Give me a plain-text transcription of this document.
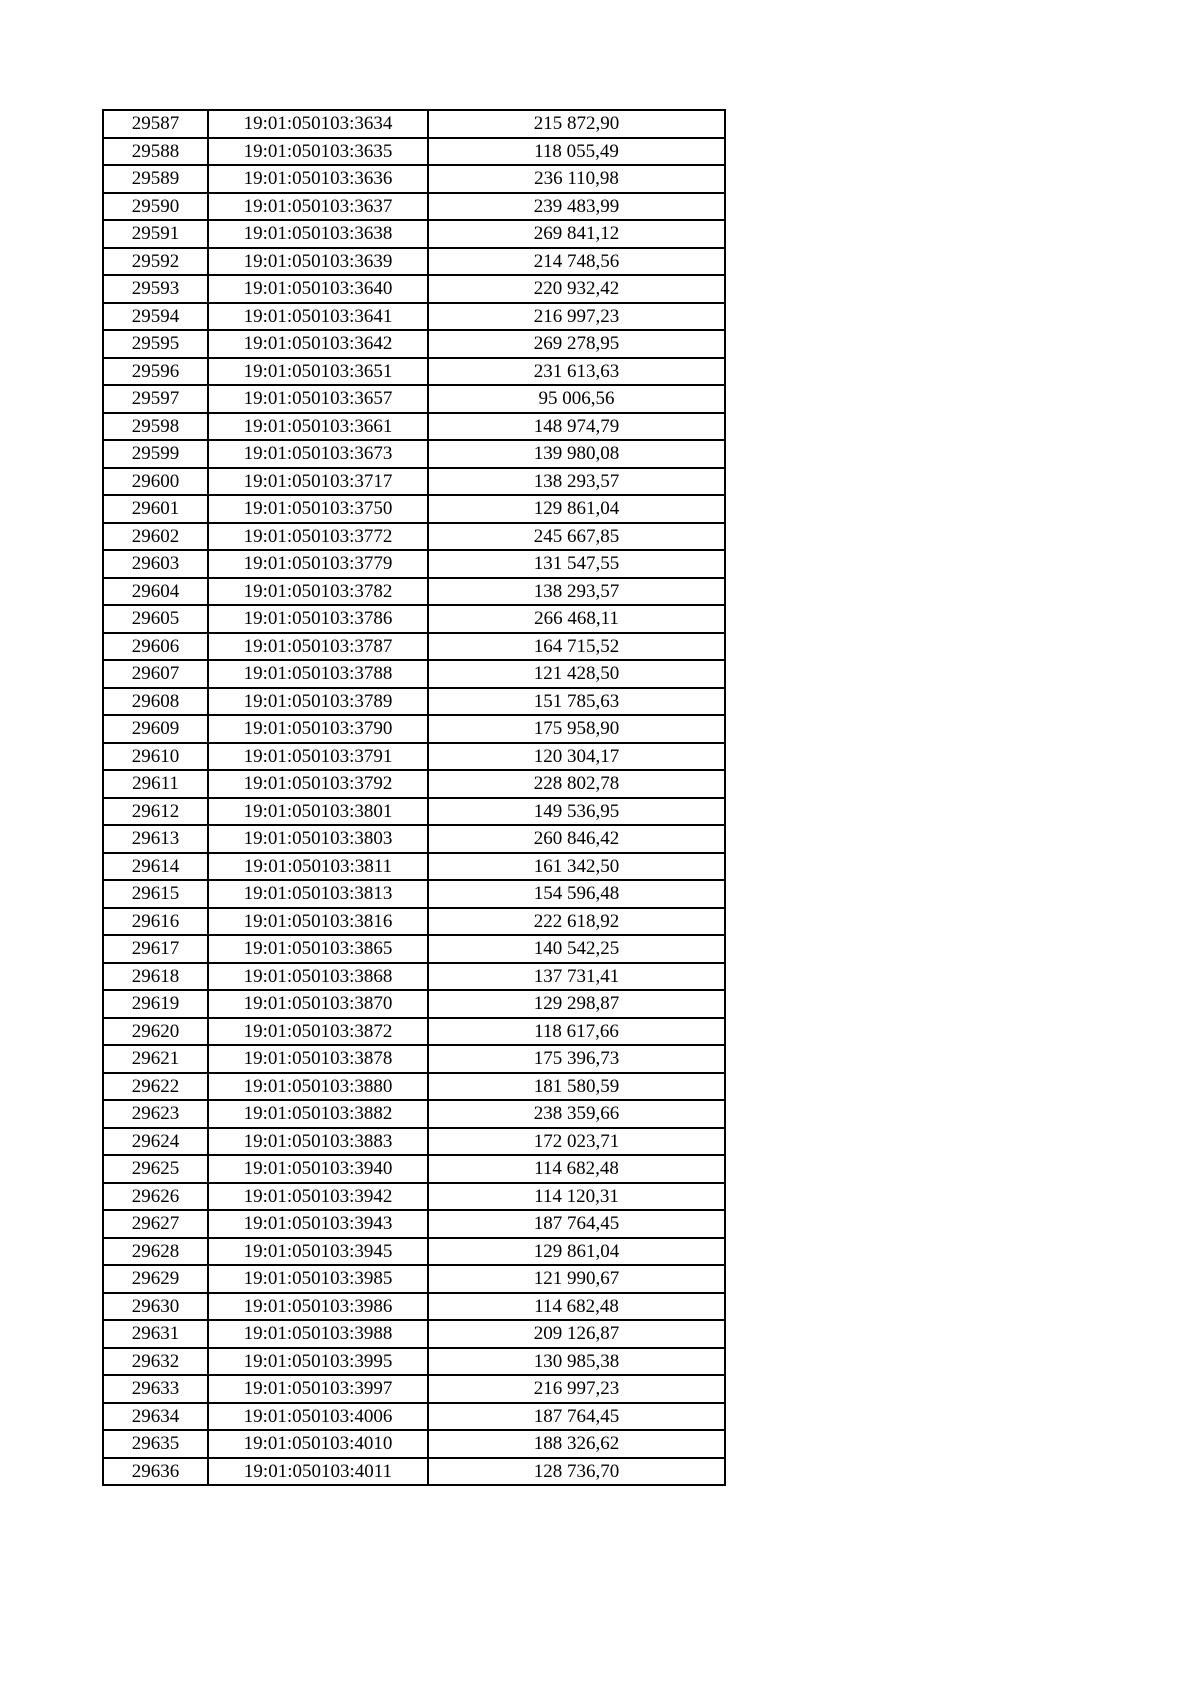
29587	19:01:050103:3634	215 872,90
29588	19:01:050103:3635	118 055,49
29589	19:01:050103:3636	236 110,98
29590	19:01:050103:3637	239 483,99
29591	19:01:050103:3638	269 841,12
29592	19:01:050103:3639	214 748,56
29593	19:01:050103:3640	220 932,42
29594	19:01:050103:3641	216 997,23
29595	19:01:050103:3642	269 278,95
29596	19:01:050103:3651	231 613,63
29597	19:01:050103:3657	95 006,56
29598	19:01:050103:3661	148 974,79
29599	19:01:050103:3673	139 980,08
29600	19:01:050103:3717	138 293,57
29601	19:01:050103:3750	129 861,04
29602	19:01:050103:3772	245 667,85
29603	19:01:050103:3779	131 547,55
29604	19:01:050103:3782	138 293,57
29605	19:01:050103:3786	266 468,11
29606	19:01:050103:3787	164 715,52
29607	19:01:050103:3788	121 428,50
29608	19:01:050103:3789	151 785,63
29609	19:01:050103:3790	175 958,90
29610	19:01:050103:3791	120 304,17
29611	19:01:050103:3792	228 802,78
29612	19:01:050103:3801	149 536,95
29613	19:01:050103:3803	260 846,42
29614	19:01:050103:3811	161 342,50
29615	19:01:050103:3813	154 596,48
29616	19:01:050103:3816	222 618,92
29617	19:01:050103:3865	140 542,25
29618	19:01:050103:3868	137 731,41
29619	19:01:050103:3870	129 298,87
29620	19:01:050103:3872	118 617,66
29621	19:01:050103:3878	175 396,73
29622	19:01:050103:3880	181 580,59
29623	19:01:050103:3882	238 359,66
29624	19:01:050103:3883	172 023,71
29625	19:01:050103:3940	114 682,48
29626	19:01:050103:3942	114 120,31
29627	19:01:050103:3943	187 764,45
29628	19:01:050103:3945	129 861,04
29629	19:01:050103:3985	121 990,67
29630	19:01:050103:3986	114 682,48
29631	19:01:050103:3988	209 126,87
29632	19:01:050103:3995	130 985,38
29633	19:01:050103:3997	216 997,23
29634	19:01:050103:4006	187 764,45
29635	19:01:050103:4010	188 326,62
29636	19:01:050103:4011	128 736,70
